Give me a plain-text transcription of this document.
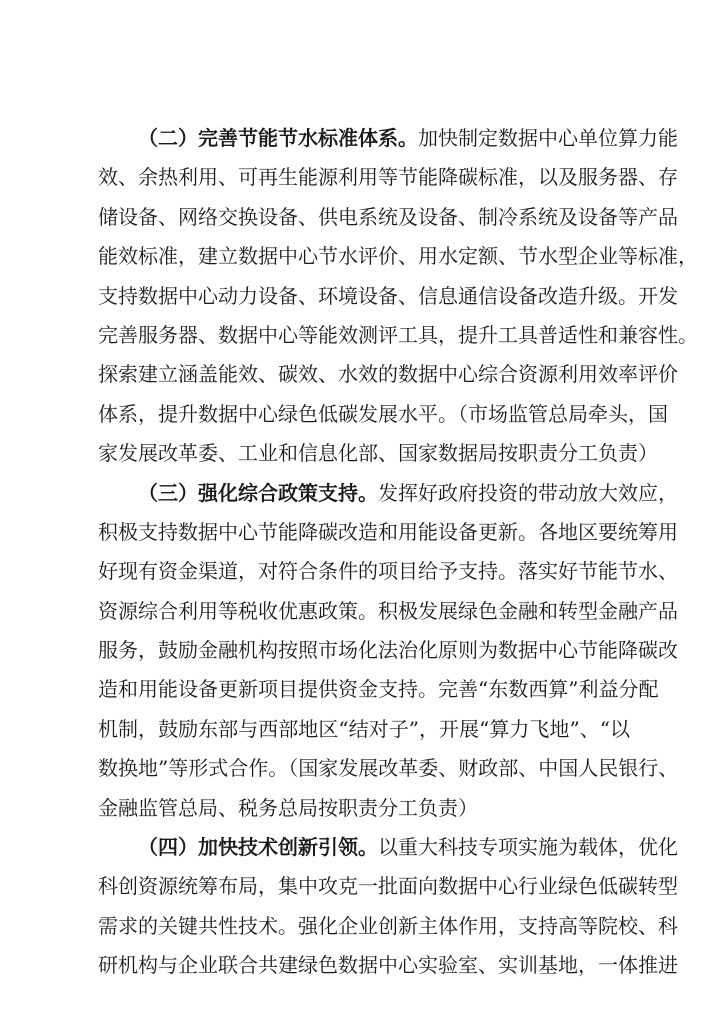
（二）完善节能节水标准体系。加快制定数据中心单位算力能
效、余热利用、可再生能源利用等节能降碳标准，以及服务器、存
储设备、网络交换设备、供电系统及设备、制冷系统及设备等产品
能效标准，建立数据中心节水评价、用水定额、节水型企业等标准，
支持数据中心动力设备、环境设备、信息通信设备改造升级。开发
完善服务器、数据中心等能效测评工具，提升工具普适性和兼容性。
探索建立涵盖能效、碳效、水效的数据中心综合资源利用效率评价
体系，提升数据中心绿色低碳发展水平。（市场监管总局牵头，国
家发展改革委、工业和信息化部、国家数据局按职责分工负责）
（三）强化综合政策支持。发挥好政府投资的带动放大效应，
积极支持数据中心节能降碳改造和用能设备更新。各地区要统筹用
好现有资金渠道，对符合条件的项目给予支持。落实好节能节水、
资源综合利用等税收优惠政策。积极发展绿色金融和转型金融产品
服务，鼓励金融机构按照市场化法治化原则为数据中心节能降碳改
造和用能设备更新项目提供资金支持。完善“东数西算”利益分配
机制，鼓励东部与西部地区“结对子”，开展“算力飞地”、“以
数换地”等形式合作。（国家发展改革委、财政部、中国人民银行、
金融监管总局、税务总局按职责分工负责）
（四）加快技术创新引领。以重大科技专项实施为载体，优化
科创资源统筹布局，集中攻克一批面向数据中心行业绿色低碳转型
需求的关键共性技术。强化企业创新主体作用，支持高等院校、科
研机构与企业联合共建绿色数据中心实验室、实训基地，一体推进
